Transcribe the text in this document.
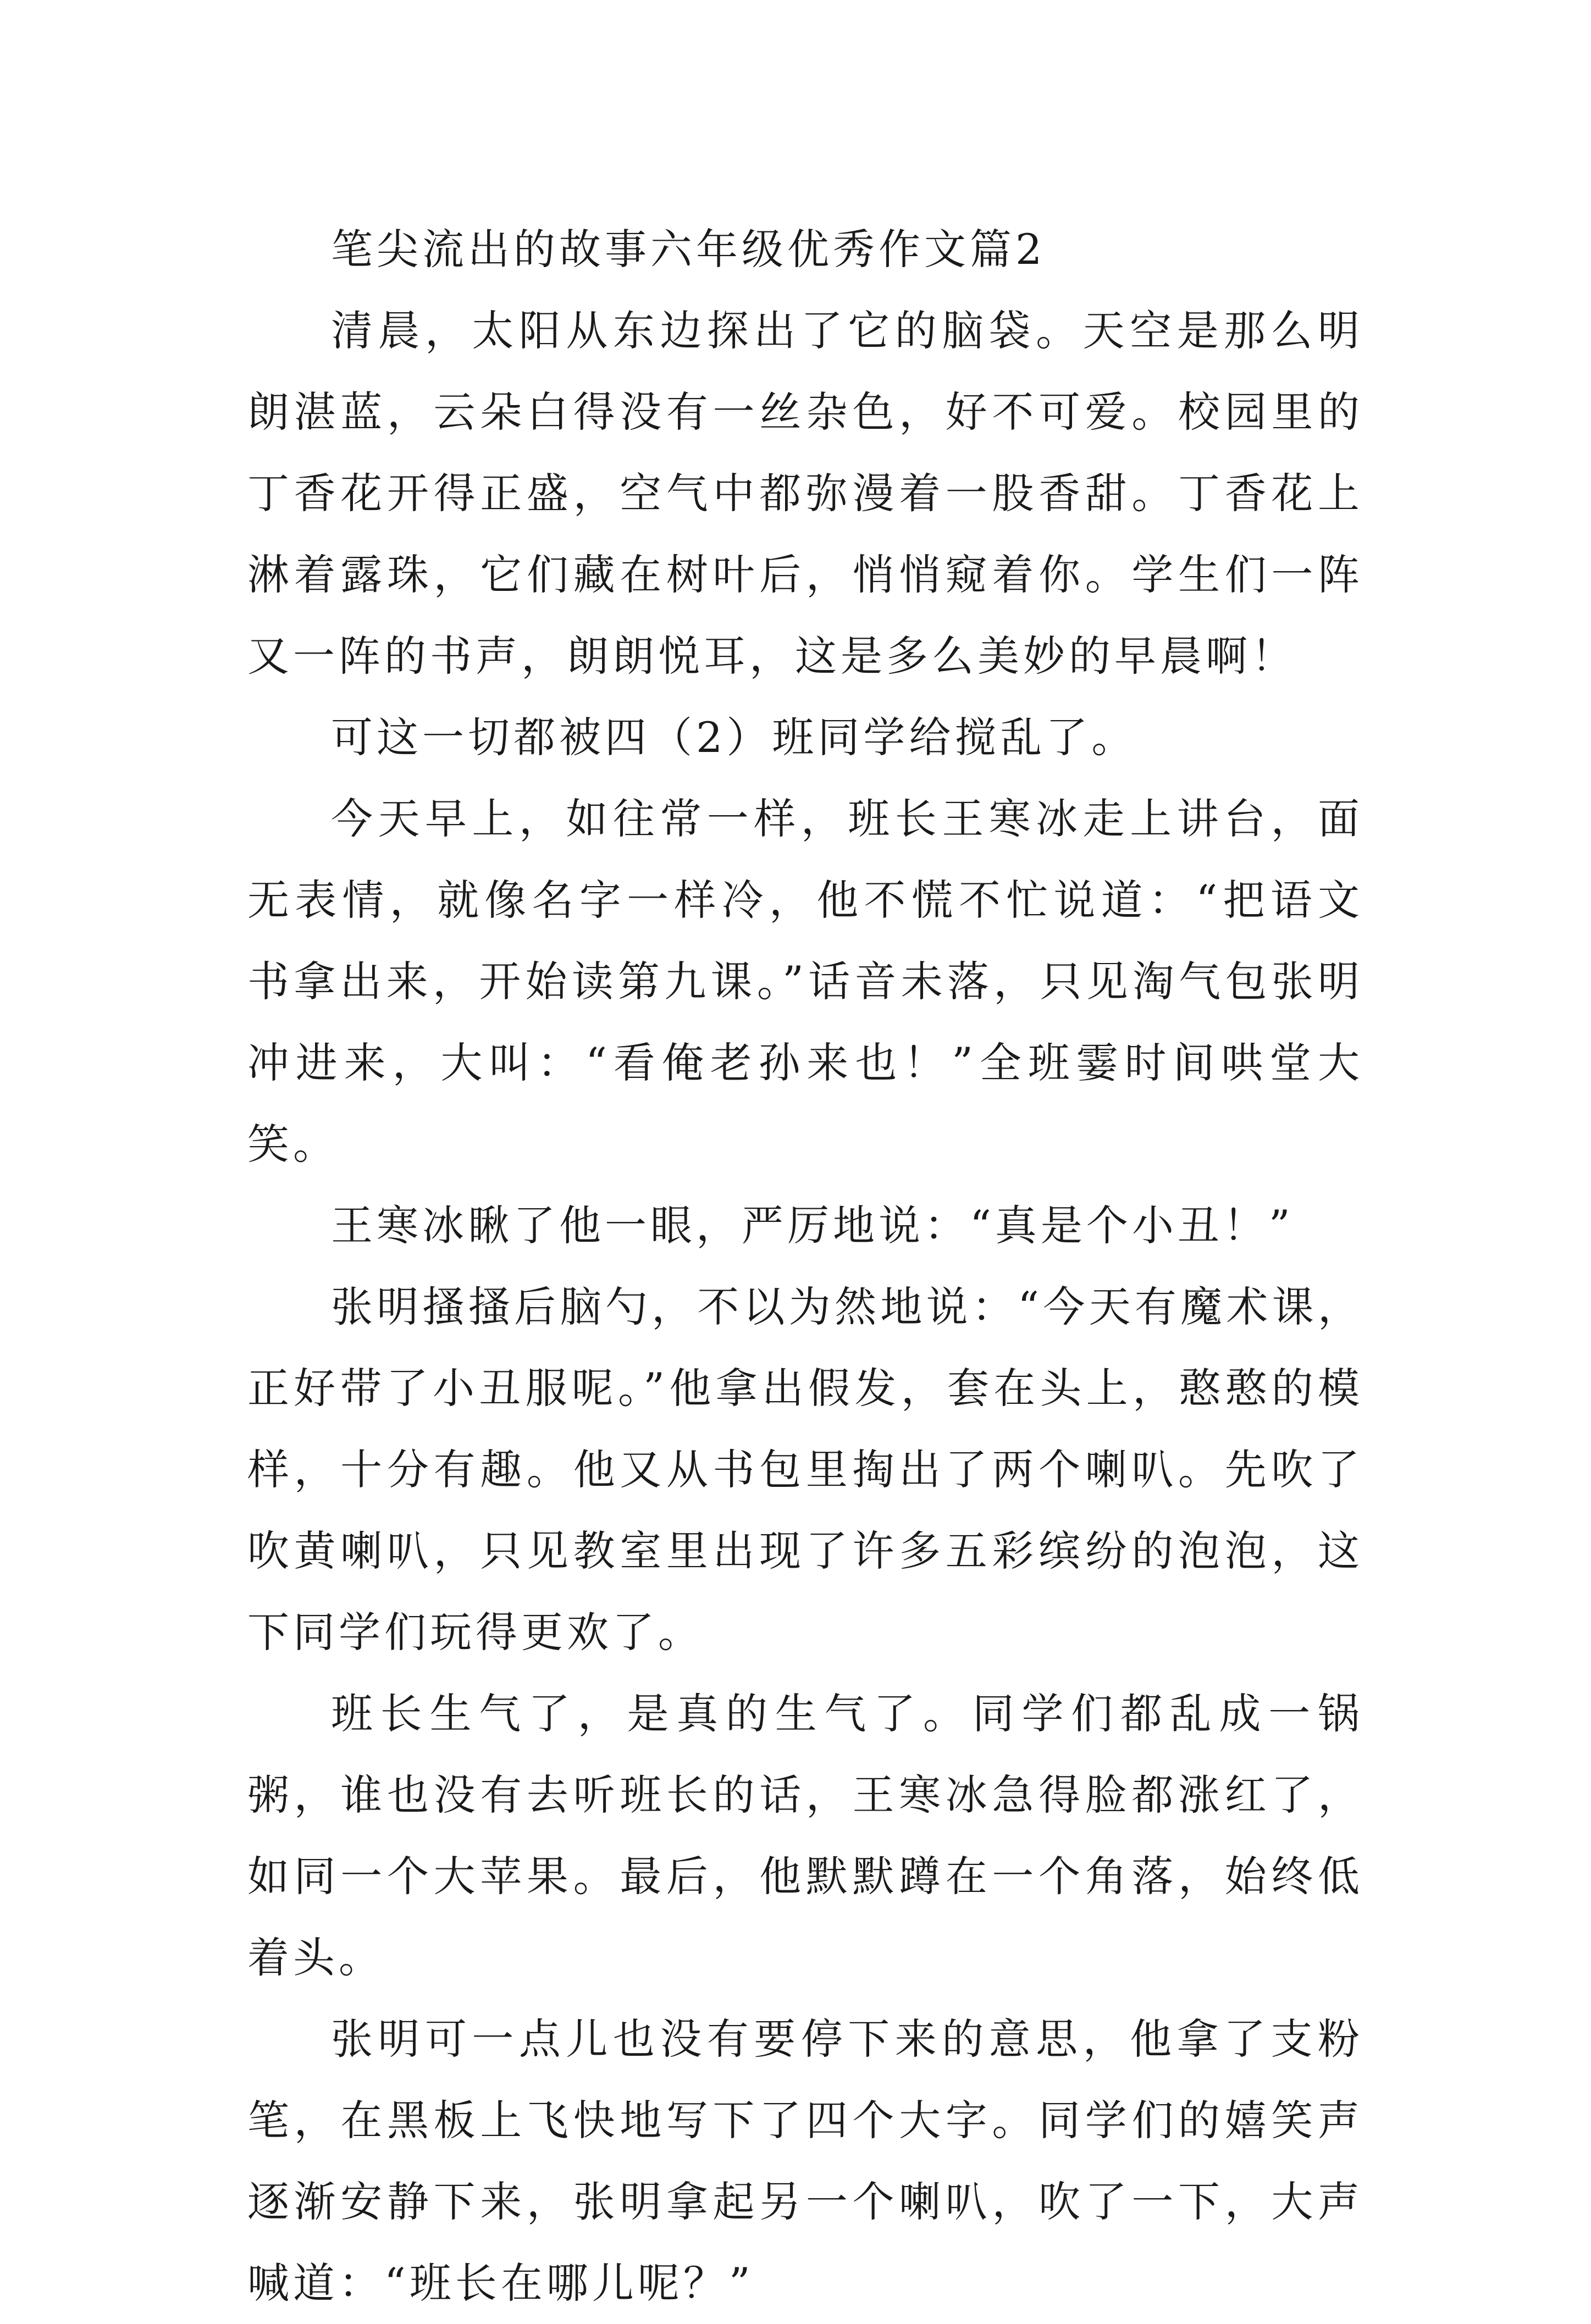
笔尖流出的故事六年级优秀作文篇2

清晨，太阳从东边探出了它的脑袋。天空是那么明朗湛蓝，云朵白得没有一丝杂色，好不可爱。校园里的丁香花开得正盛，空气中都弥漫着一股香甜。丁香花上淋着露珠，它们藏在树叶后，悄悄窥着你。学生们一阵又一阵的书声，朗朗悦耳，这是多么美妙的早晨啊！

可这一切都被四（2）班同学给搅乱了。

今天早上，如往常一样，班长王寒冰走上讲台，面无表情，就像名字一样冷，他不慌不忙说道：“把语文书拿出来，开始读第九课。”话音未落，只见淘气包张明冲进来，大叫：“看俺老孙来也！”全班霎时间哄堂大笑。

王寒冰瞅了他一眼，严厉地说：“真是个小丑！”

张明搔搔后脑勺，不以为然地说：“今天有魔术课，正好带了小丑服呢。”他拿出假发，套在头上，憨憨的模样，十分有趣。他又从书包里掏出了两个喇叭。先吹了吹黄喇叭，只见教室里出现了许多五彩缤纷的泡泡，这下同学们玩得更欢了。

班长生气了，是真的生气了。同学们都乱成一锅粥，谁也没有去听班长的话，王寒冰急得脸都涨红了，如同一个大苹果。最后，他默默蹲在一个角落，始终低着头。

张明可一点儿也没有要停下来的意思，他拿了支粉笔，在黑板上飞快地写下了四个大字。同学们的嬉笑声逐渐安静下来，张明拿起另一个喇叭，吹了一下，大声喊道：“班长在哪儿呢？”
